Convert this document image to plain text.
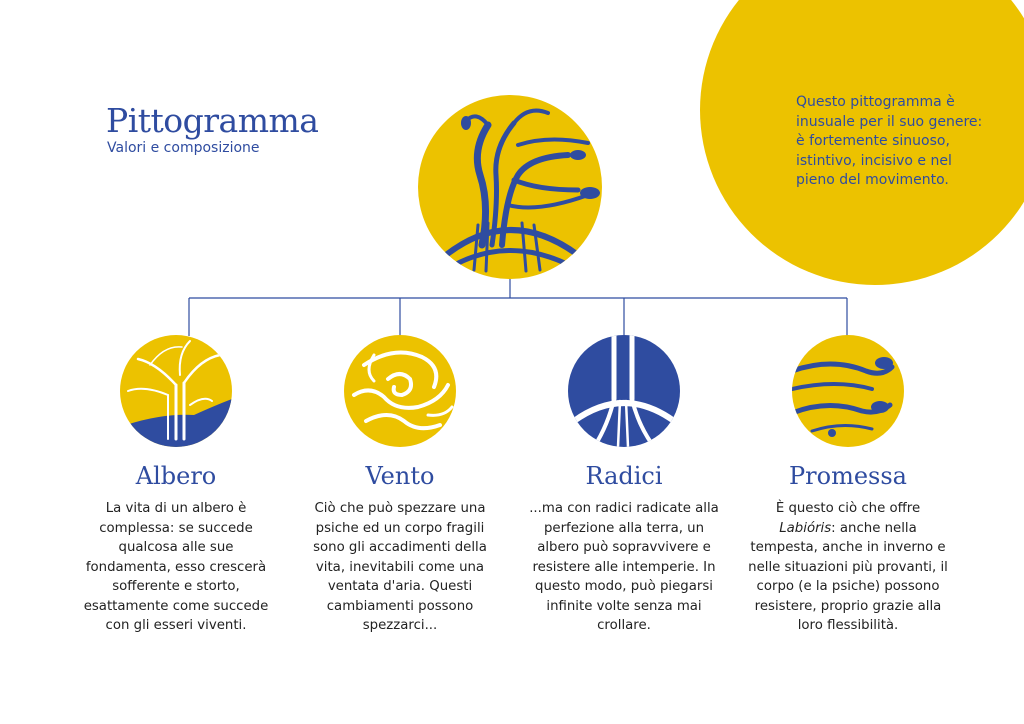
Questo pittogramma è inusuale per il suo genere: è fortemente sinuoso, istintivo, incisivo e nel pieno del movimento.

Pittogramma

Valori e composizione

Albero

La vita di un albero è complessa: se succede qualcosa alle sue fondamenta, esso crescerà sofferente e storto, esattamente come succede con gli esseri viventi.

Vento

Ciò che può spezzare una psiche ed un corpo fragili sono gli accadimenti della vita, inevitabili come una ventata d'aria. Questi cambiamenti possono spezzarci...

Radici

...ma con radici radicate alla perfezione alla terra, un albero può sopravvivere e resistere alle intemperie. In questo modo, può piegarsi infinite volte senza mai crollare.

Promessa

È questo ciò che offre Labióris: anche nella tempesta, anche in inverno e nelle situazioni più provanti, il corpo (e la psiche) possono resistere, proprio grazie alla loro flessibilità.
